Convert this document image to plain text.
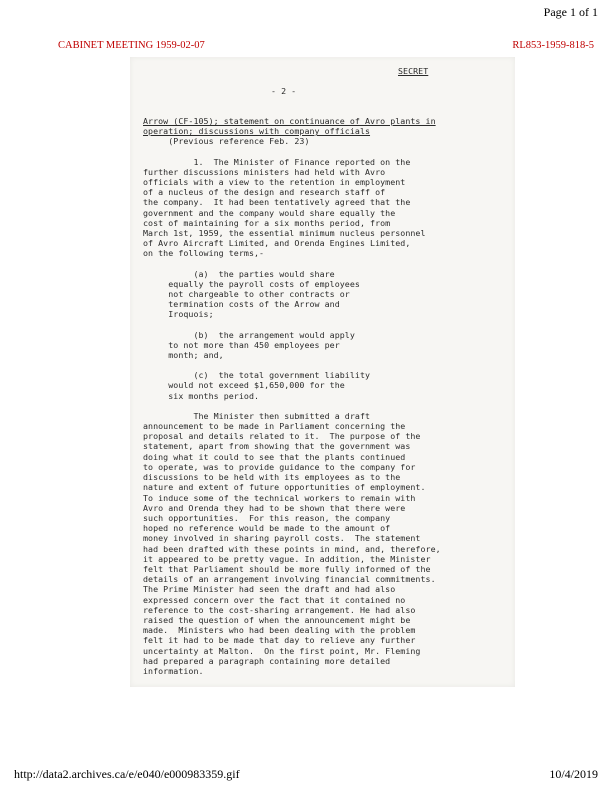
Page 1 of 1
CABINET MEETING 1959-02-07	RL853-1959-818-5
SECRET
- 2 -
Arrow (CF-105); statement on continuance of Avro plants in
operation; discussions with company officials
(Previous reference Feb. 23)
1.  The Minister of Finance reported on the
further discussions ministers had held with Avro
officials with a view to the retention in employment
of a nucleus of the design and research staff of
the company.  It had been tentatively agreed that the
government and the company would share equally the
cost of maintaining for a six months period, from
March 1st, 1959, the essential minimum nucleus personnel
of Avro Aircraft Limited, and Orenda Engines Limited,
on the following terms,-
(a)  the parties would share
equally the payroll costs of employees
not chargeable to other contracts or
termination costs of the Arrow and
Iroquois;
(b)  the arrangement would apply
to not more than 450 employees per
month; and,
(c)  the total government liability
would not exceed $1,650,000 for the
six months period.
The Minister then submitted a draft
announcement to be made in Parliament concerning the
proposal and details related to it.  The purpose of the
statement, apart from showing that the government was
doing what it could to see that the plants continued
to operate, was to provide guidance to the company for
discussions to be held with its employees as to the
nature and extent of future opportunities of employment.
To induce some of the technical workers to remain with
Avro and Orenda they had to be shown that there were
such opportunities.  For this reason, the company
hoped no reference would be made to the amount of
money involved in sharing payroll costs.  The statement
had been drafted with these points in mind, and, therefore,
it appeared to be pretty vague. In addition, the Minister
felt that Parliament should be more fully informed of the
details of an arrangement involving financial commitments.
The Prime Minister had seen the draft and had also
expressed concern over the fact that it contained no
reference to the cost-sharing arrangement. He had also
raised the question of when the announcement might be
made.  Ministers who had been dealing with the problem
felt it had to be made that day to relieve any further
uncertainty at Malton.  On the first point, Mr. Fleming
had prepared a paragraph containing more detailed
information.
http://data2.archives.ca/e/e040/e000983359.gif	10/4/2019
